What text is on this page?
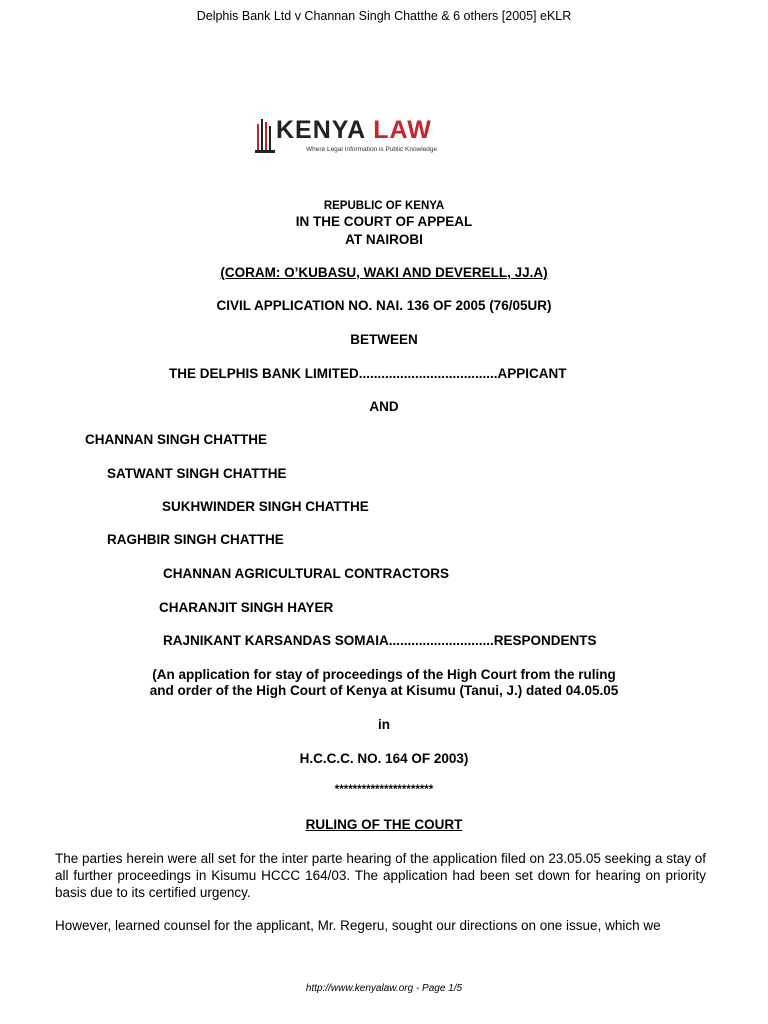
Delphis Bank Ltd v Channan Singh Chatthe & 6 others [2005] eKLR
KENYA LAW
Where Legal Information is Public Knowledge
REPUBLIC OF KENYA
IN THE COURT OF APPEAL
AT NAIROBI
(CORAM: O’KUBASU, WAKI AND DEVERELL, JJ.A)
CIVIL APPLICATION NO. NAI. 136 OF 2005 (76/05UR)
BETWEEN
THE DELPHIS BANK LIMITED.....................................APPICANT
AND
CHANNAN SINGH CHATTHE
SATWANT SINGH CHATTHE
SUKHWINDER SINGH CHATTHE
RAGHBIR SINGH CHATTHE
CHANNAN AGRICULTURAL CONTRACTORS
CHARANJIT SINGH HAYER
RAJNIKANT KARSANDAS SOMAIA............................RESPONDENTS
(An application for stay of proceedings of the High Court from the ruling
and order of the High Court of Kenya at Kisumu (Tanui, J.) dated 04.05.05
in
H.C.C.C. NO. 164 OF 2003)
**********************
RULING OF THE COURT
The parties herein were all set for the inter parte hearing of the application filed on 23.05.05 seeking a stay of all further proceedings in Kisumu HCCC 164/03. The application had been set down for hearing on priority basis due to its certified urgency.
However, learned counsel for the applicant, Mr. Regeru, sought our directions on one issue, which we
http://www.kenyalaw.org - Page 1/5
